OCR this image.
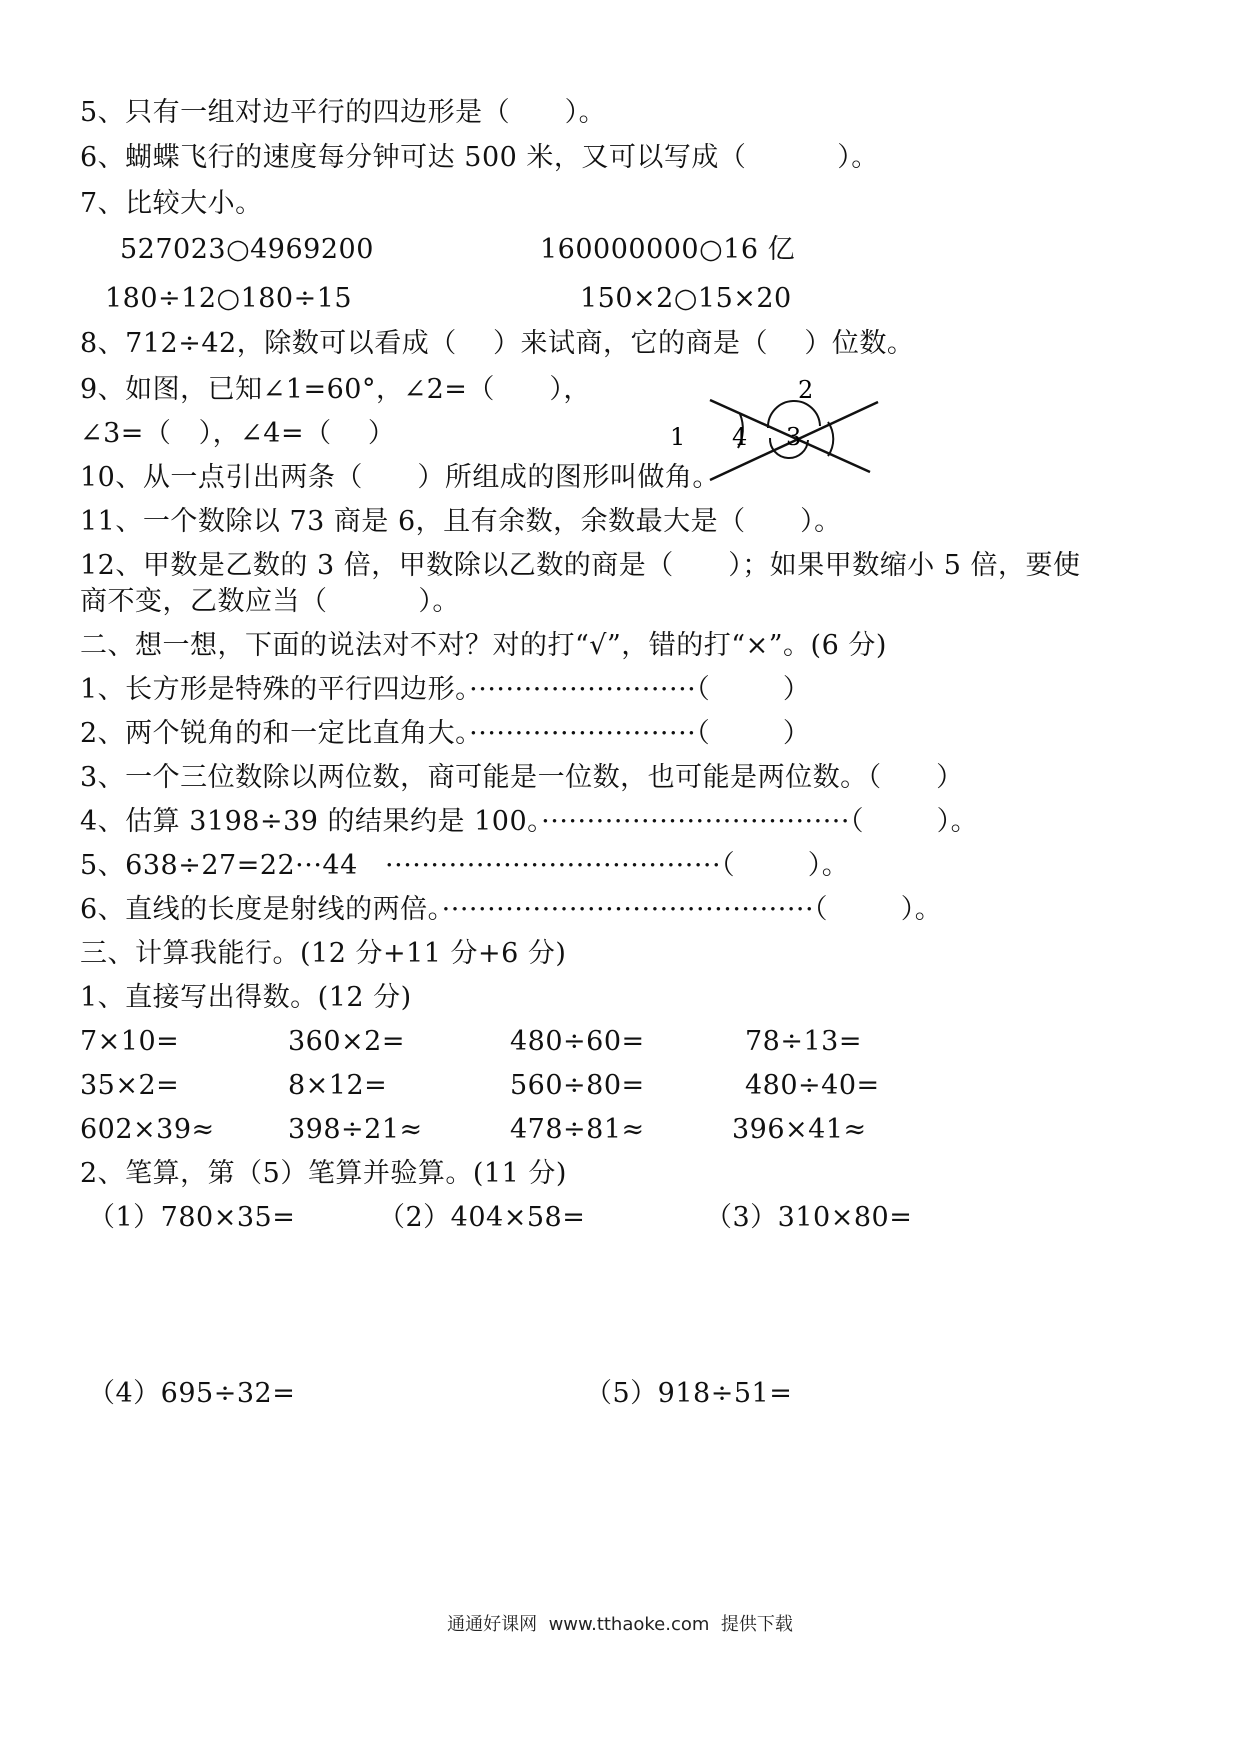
5、只有一组对边平行的四边形是（      ）。
6、蝴蝶飞行的速度每分钟可达 500 米，又可以写成（          ）。
7、比较大小。
527023○4969200	160000000○16 亿
180÷12○180÷15	150×2○15×20
8、712÷42，除数可以看成（    ）来试商，它的商是（    ）位数。
9、如图，已知∠1=60°，∠2=（      ），
∠3=（   ），∠4=（    ）
2
1 4 3
10、从一点引出两条（      ）所组成的图形叫做角。
11、一个数除以 73 商是 6，且有余数，余数最大是（      ）。
12、甲数是乙数的 3 倍，甲数除以乙数的商是（      ）；如果甲数缩小 5 倍，要使
商不变，乙数应当（          ）。
二、想一想，下面的说法对不对？对的打“√”，错的打“×”。(6 分)
1、长方形是特殊的平行四边形。·························（        ）
2、两个锐角的和一定比直角大。·························（        ）
3、一个三位数除以两位数，商可能是一位数，也可能是两位数。（      ）
4、估算 3198÷39 的结果约是 100。··································（        ）。
5、638÷27=22···44   ·····································（        ）。
6、直线的长度是射线的两倍。·········································（        ）。
三、计算我能行。(12 分+11 分+6 分)
1、直接写出得数。(12 分)
7×10=	360×2=	480÷60=	78÷13=
35×2=	8×12=	560÷80=	480÷40=
602×39≈	398÷21≈	478÷81≈	396×41≈
2、笔算，第（5）笔算并验算。(11 分)
（1）780×35=	（2）404×58=	（3）310×80=
（4）695÷32=	（5）918÷51=
通通好课网  www.tthaoke.com  提供下载
